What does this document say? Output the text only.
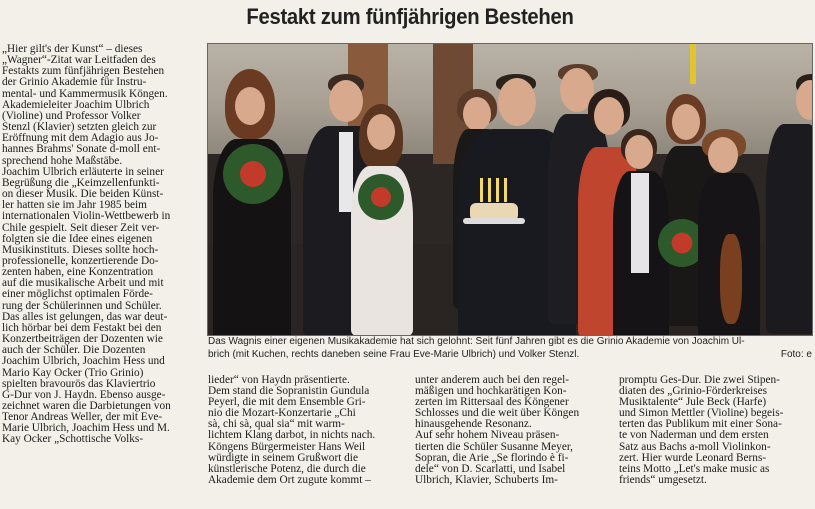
Festakt zum fünfjährigen Bestehen

„Hier gilt's der Kunst“ – dieses

„Wagner“-Zitat war Leitfaden des

Festakts zum fünfjährigen Bestehen

der Grinio Akademie für Instru-

mental- und Kammermusik Köngen.

Akademieleiter Joachim Ulbrich

(Violine) und Professor Volker

Stenzl (Klavier) setzten gleich zur

Eröffnung mit dem Adagio aus Jo-

hannes Brahms' Sonate d-moll ent-

sprechend hohe Maßstäbe.

Joachim Ulbrich erläuterte in seiner

Begrüßung die „Keimzellenfunkti-

on dieser Musik. Die beiden Künst-

ler hatten sie im Jahr 1985 beim

internationalen Violin-Wettbewerb in

Chile gespielt. Seit dieser Zeit ver-

folgten sie die Idee eines eigenen

Musikinstituts. Dieses sollte hoch-

professionelle, konzertierende Do-

zenten haben, eine Konzentration

auf die musikalische Arbeit und mit

einer möglichst optimalen Förde-

rung der Schülerinnen und Schüler.

Das alles ist gelungen, das war deut-

lich hörbar bei dem Festakt bei den

Konzertbeiträgen der Dozenten wie

auch der Schüler. Die Dozenten

Joachim Ulbrich, Joachim Hess und

Mario Kay Ocker (Trio Grinio)

spielten bravourös das Klaviertrio

G-Dur von J. Haydn. Ebenso ausge-

zeichnet waren die Darbietungen von

Tenor Andreas Weller, der mit Eve-

Marie Ulbrich, Joachim Hess und M.

Kay Ocker „Schottische Volks-

Das Wagnis einer eigenen Musikakademie hat sich gelohnt: Seit fünf Jahren gibt es die Grinio Akademie von Joachim Ul-
brich (mit Kuchen, rechts daneben seine Frau Eve-Marie Ulbrich) und Volker Stenzl.	Foto: e

lieder“ von Haydn präsentierte.

Dem stand die Sopranistin Gundula

Peyerl, die mit dem Ensemble Gri-

nio die Mozart-Konzertarie „Chi

sà, chi sà, qual sia“ mit warm-

lichtem Klang darbot, in nichts nach.

Köngens Bürgermeister Hans Weil

würdigte in seinem Grußwort die

künstlerische Potenz, die durch die

Akademie dem Ort zugute kommt –

unter anderem auch bei den regel-

mäßigen und hochkarätigen Kon-

zerten im Rittersaal des Köngener

Schlosses und die weit über Köngen

hinausgehende Resonanz.

Auf sehr hohem Niveau präsen-

tierten die Schüler Susanne Meyer,

Sopran, die Arie „Se florindo è fi-

dele“ von D. Scarlatti, und Isabel

Ulbrich, Klavier, Schuberts Im-

promptu Ges-Dur. Die zwei Stipen-

diaten des „Grinio-Förderkreises

Musiktalente“ Jule Beck (Harfe)

und Simon Mettler (Violine) begeis-

terten das Publikum mit einer Sona-

te von Naderman und dem ersten

Satz aus Bachs a-moll Violinkon-

zert. Hier wurde Leonard Berns-

teins Motto „Let's make music as

friends“ umgesetzt.
